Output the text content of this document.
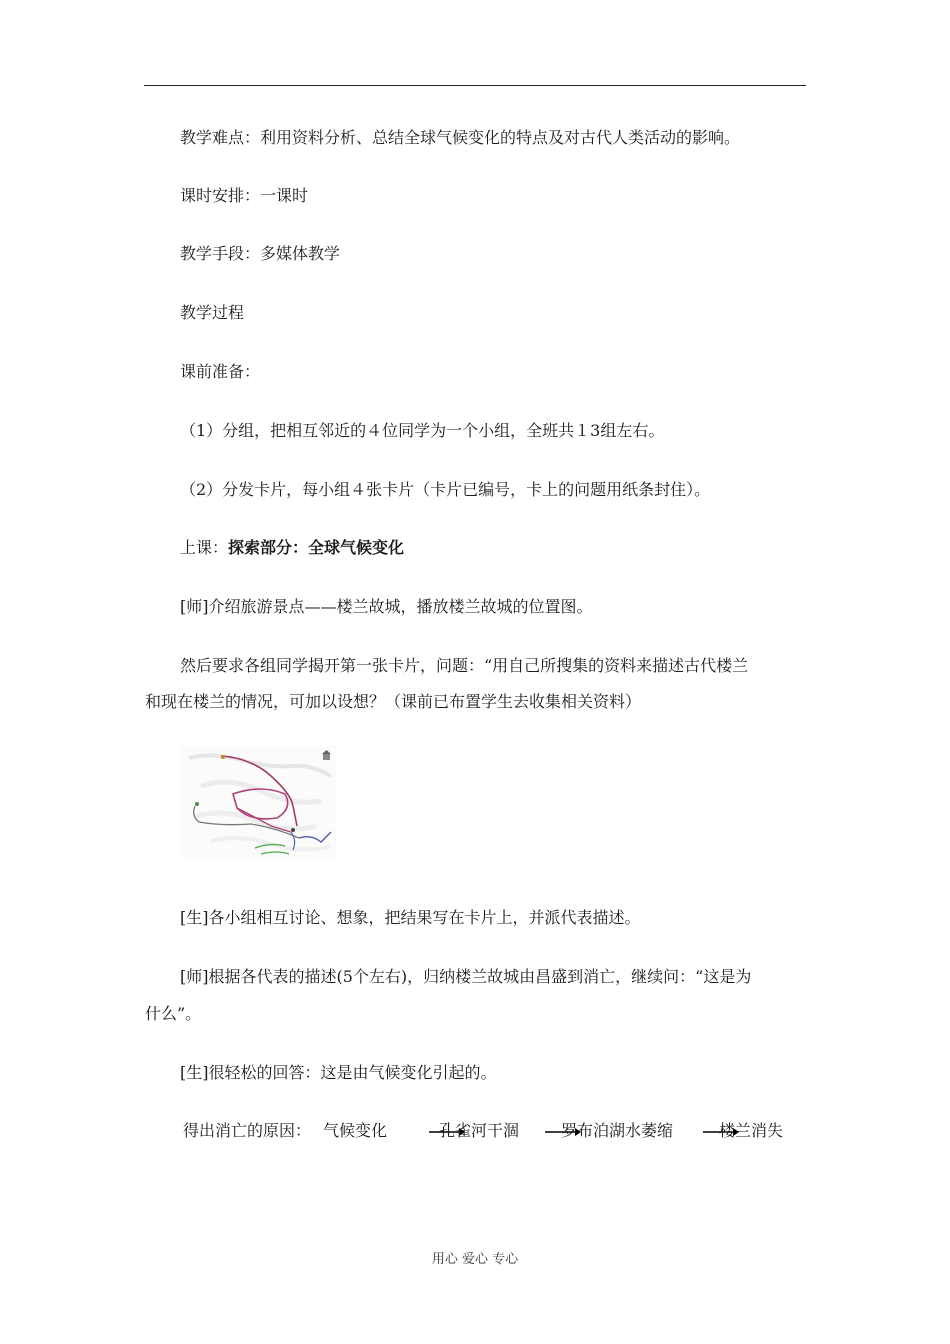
教学难点：利用资料分析、总结全球气候变化的特点及对古代人类活动的影响。
课时安排：一课时
教学手段：多媒体教学
教学过程
课前准备：
（1）分组，把相互邻近的４位同学为一个小组，全班共１3组左右。
（2）分发卡片，每小组４张卡片（卡片已编号，卡上的问题用纸条封住）。
上课：探索部分：全球气候变化
[师]介绍旅游景点——楼兰故城，播放楼兰故城的位置图。
然后要求各组同学揭开第一张卡片，问题：“用自己所搜集的资料来描述古代楼兰
和现在楼兰的情况，可加以设想？（课前已布置学生去收集相关资料）
[生]各小组相互讨论、想象，把结果写在卡片上，并派代表描述。
[师]根据各代表的描述(5个左右)，归纳楼兰故城由昌盛到消亡，继续问：“这是为
什么”。
[生]很轻松的回答：这是由气候变化引起的。
得出消亡的原因： 气候变化	孔雀河干涸	罗布泊湖水萎缩	楼兰消失
用心 爱心 专心
